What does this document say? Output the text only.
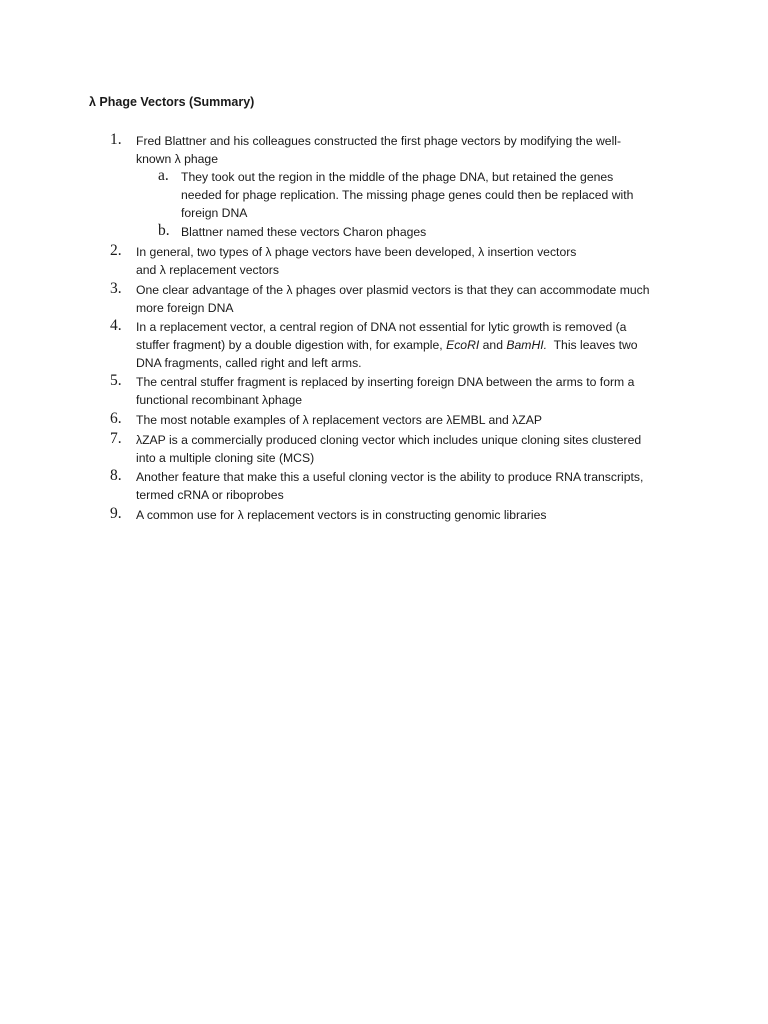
λ Phage Vectors (Summary)
1.	Fred Blattner and his colleagues constructed the first phage vectors by modifying the well-
known λ phage
a.	They took out the region in the middle of the phage DNA, but retained the genes
needed for phage replication. The missing phage genes could then be replaced with
foreign DNA
b. Blattner named these vectors Charon phages
2.	In general, two types of λ phage vectors have been developed, λ insertion vectors
and λ replacement vectors
3.	One clear advantage of the λ phages over plasmid vectors is that they can accommodate much
more foreign DNA
4.	In a replacement vector, a central region of DNA not essential for lytic growth is removed (a
stuffer fragment) by a double digestion with, for example, EcoRI and BamHI. This leaves two
DNA fragments, called right and left arms.
5.	The central stuffer fragment is replaced by inserting foreign DNA between the arms to form a
functional recombinant λphage
6.	The most notable examples of λ replacement vectors are λEMBL and λZAP
7.	λZAP is a commercially produced cloning vector which includes unique cloning sites clustered
into a multiple cloning site (MCS)
8.	Another feature that make this a useful cloning vector is the ability to produce RNA transcripts,
termed cRNA or riboprobes
9.	A common use for λ replacement vectors is in constructing genomic libraries
